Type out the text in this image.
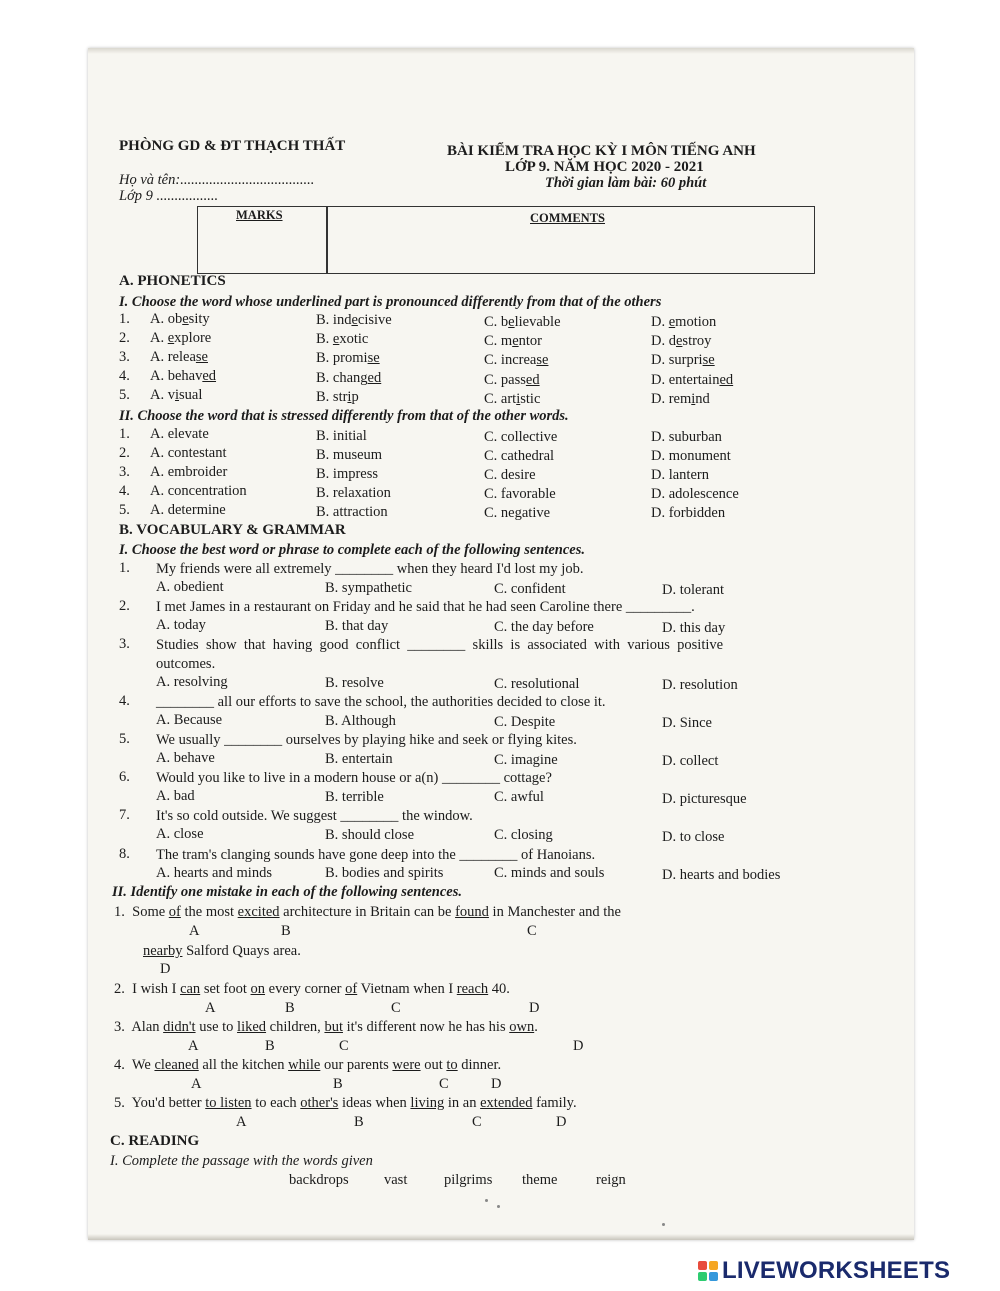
PHÒNG GD & ĐT THẠCH THẤT	BÀI KIỂM TRA HỌC KỲ I MÔN TIẾNG ANH
LỚP 9. NĂM HỌC 2020 - 2021
Thời gian làm bài: 60 phút
Họ và tên:.....................................
Lớp 9 .................
MARKS	COMMENTS
A. PHONETICS
I. Choose the word whose underlined part is pronounced differently from that of the others
1. A. obesity	B. indecisive	C. believable	D. emotion
2. A. explore	B. exotic	C. mentor	D. destroy
3. A. release	B. promise	C. increase	D. surprise
4. A. behaved	B. changed	C. passed	D. entertained
5. A. visual	B. strip	C. artistic	D. remind
II. Choose the word that is stressed differently from that of the other words.
1. A. elevate	B. initial	C. collective	D. suburban
2. A. contestant	B. museum	C. cathedral	D. monument
3. A. embroider	B. impress	C. desire	D. lantern
4. A. concentration	B. relaxation	C. favorable	D. adolescence
5. A. determine	B. attraction	C. negative	D. forbidden
B. VOCABULARY & GRAMMAR
I. Choose the best word or phrase to complete each of the following sentences.
1. My friends were all extremely ________ when they heard I'd lost my job.
A. obedient	B. sympathetic	C. confident	D. tolerant
2. I met James in a restaurant on Friday and he said that he had seen Caroline there _________.
A. today	B. that day	C. the day before	D. this day
3. Studies  show  that  having  good  conflict  ________  skills  is  associated  with  various  positive
outcomes.
A. resolving	B. resolve	C. resolutional	D. resolution
4. ________ all our efforts to save the school, the authorities decided to close it.
A. Because	B. Although	C. Despite	D. Since
5. We usually ________ ourselves by playing hike and seek or flying kites.
A. behave	B. entertain	C. imagine	D. collect
6. Would you like to live in a modern house or a(n) ________ cottage?
A. bad	B. terrible	C. awful	D. picturesque
7. It's so cold outside. We suggest ________ the window.
A. close	B. should close	C. closing	D. to close
8. The tram's clanging sounds have gone deep into the ________ of Hanoians.
A. hearts and minds	B. bodies and spirits	C. minds and souls	D. hearts and bodies
II. Identify one mistake in each of the following sentences.
1.  Some of the most excited architecture in Britain can be found in Manchester and the
A	B	C
nearby Salford Quays area.
D
2.  I wish I can set foot on every corner of Vietnam when I reach 40.
A	B	C	D
3.  Alan didn't use to liked children, but it's different now he has his own.
A	B	C	D
4.  We cleaned all the kitchen while our parents were out to dinner.
A	B	C	D
5.  You'd better to listen to each other's ideas when living in an extended family.
A	B	C	D
C. READING
I. Complete the passage with the words given
backdrops vast	pilgrims theme	reign
LIVEWORKSHEETS
